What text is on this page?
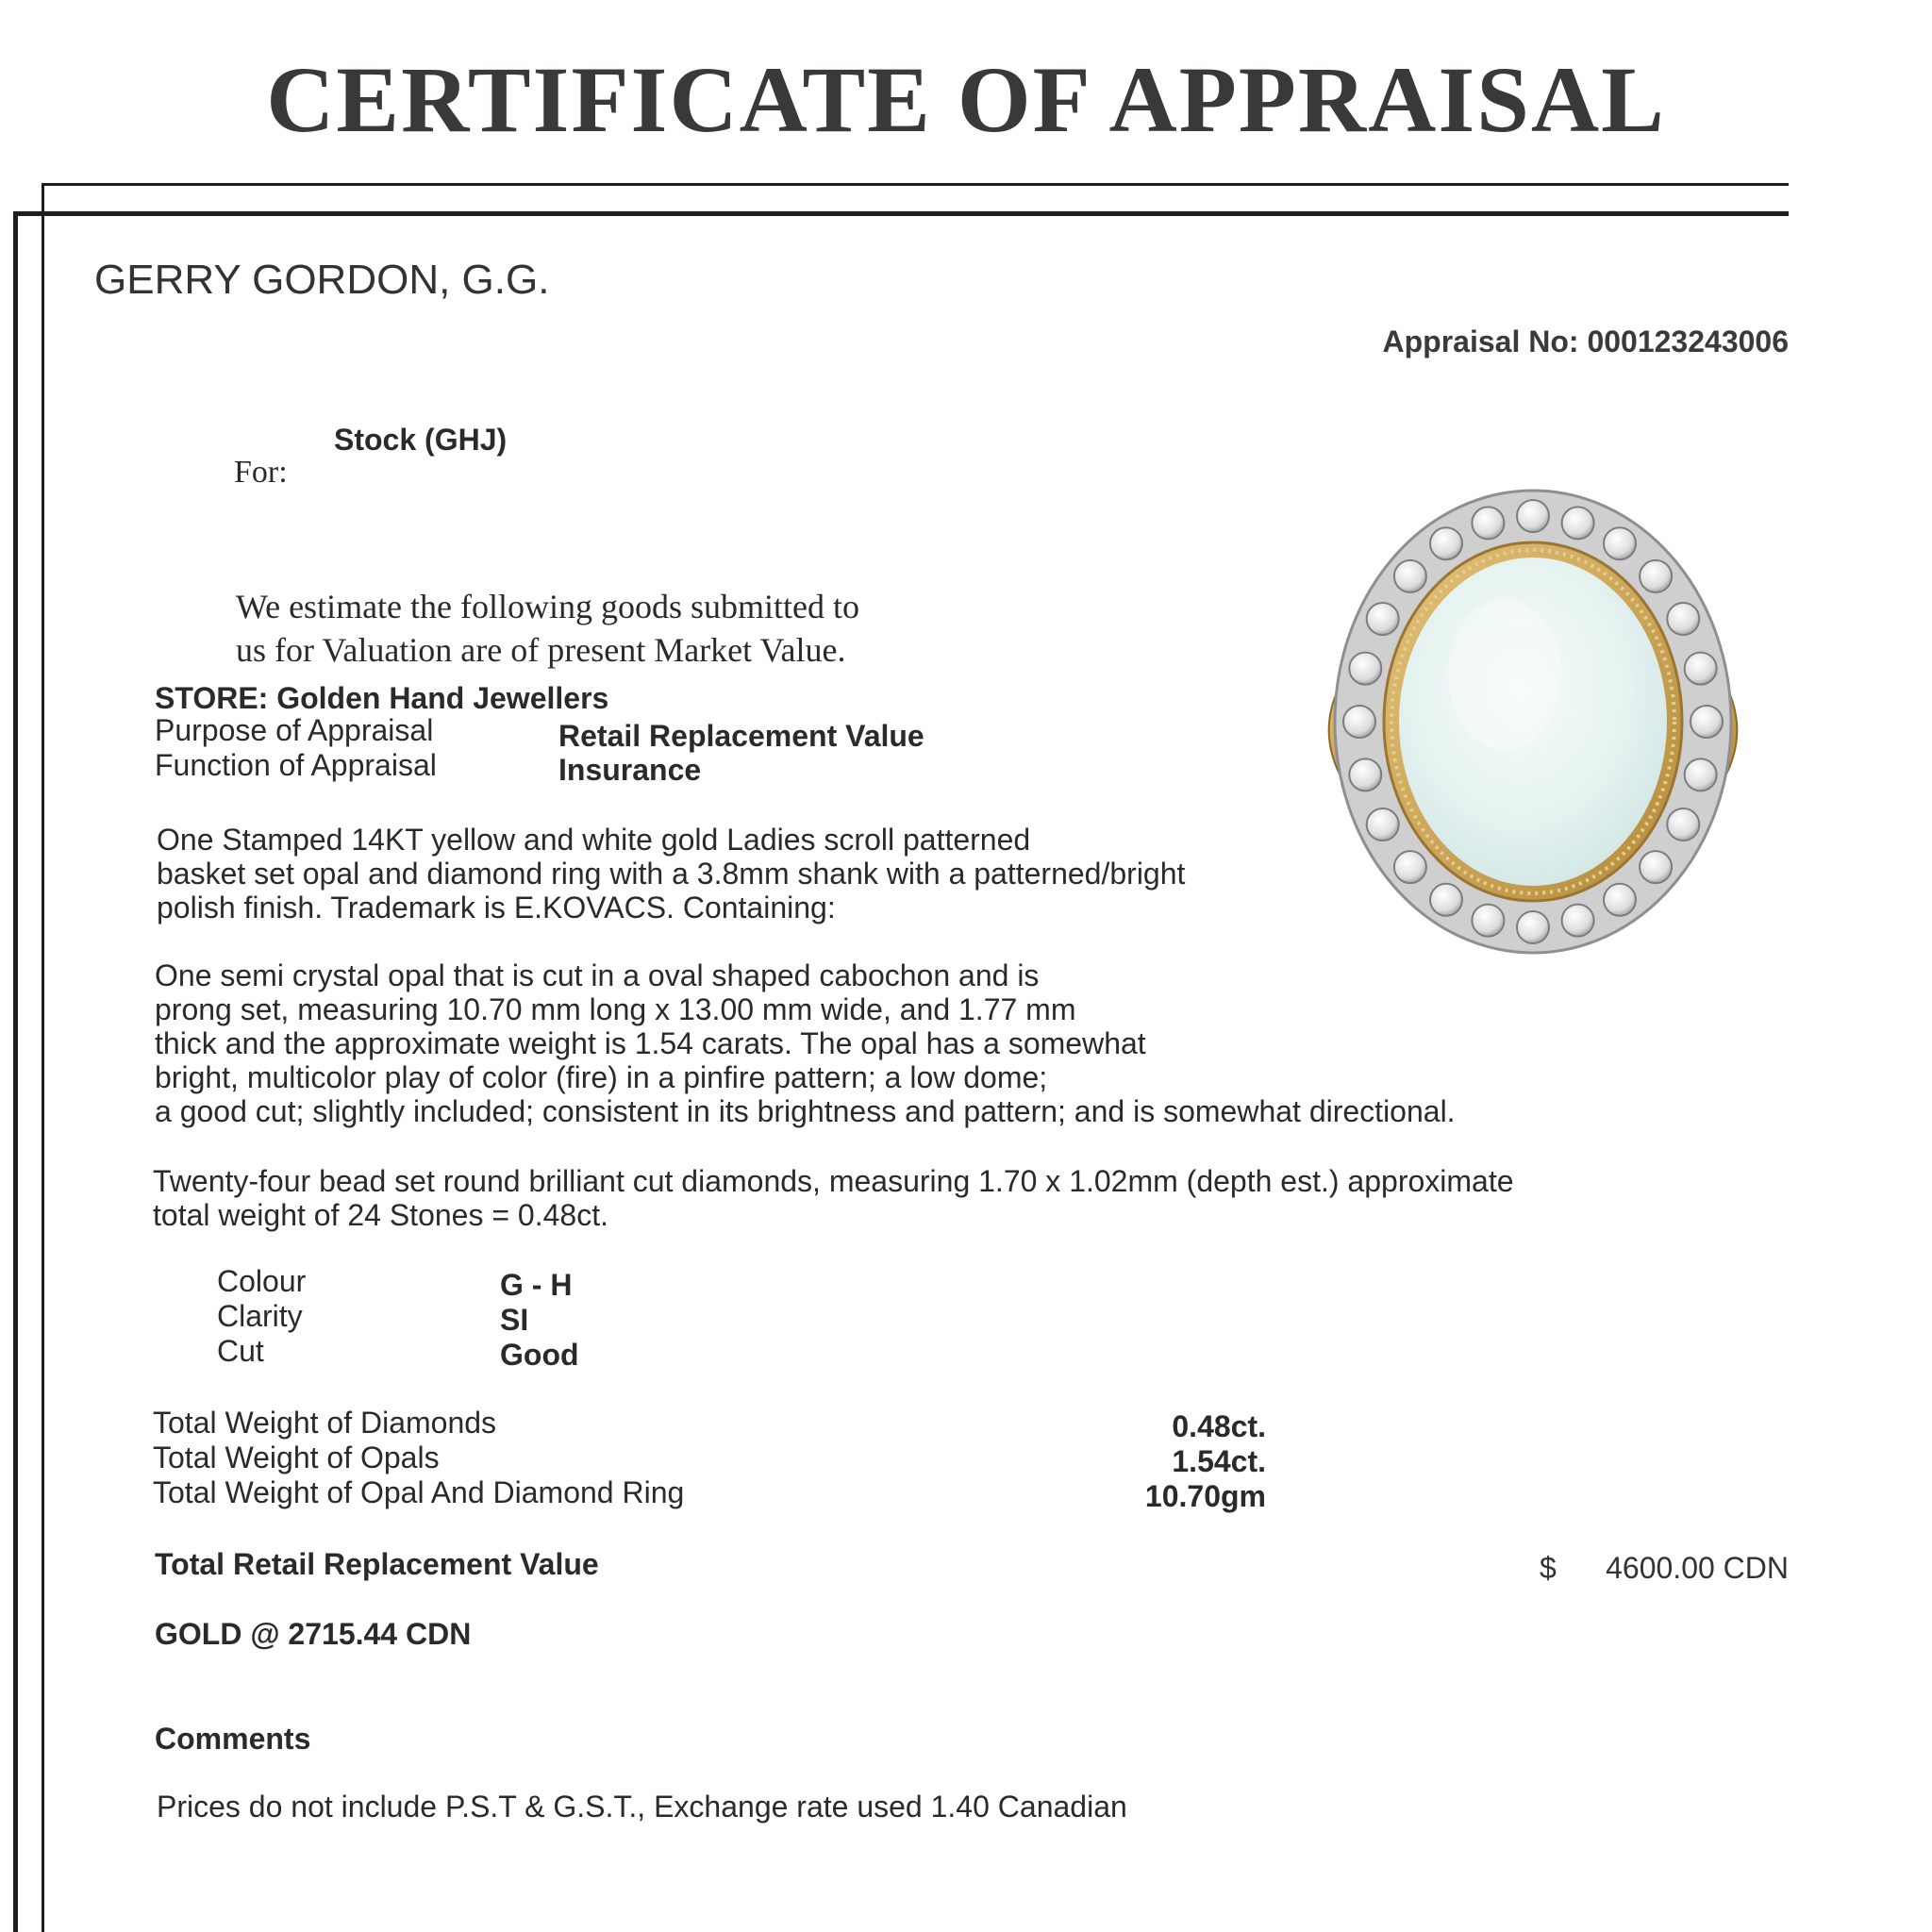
CERTIFICATE OF APPRAISAL
GERRY GORDON, G.G.
Appraisal No: 000123243006
Stock (GHJ)
For:
We estimate the following goods submitted to
us for Valuation are of present Market Value.
STORE: Golden Hand Jewellers
Purpose of Appraisal	Retail Replacement Value
Function of Appraisal	Insurance
One Stamped 14KT yellow and white gold Ladies scroll patterned
basket set opal and diamond ring with a 3.8mm shank with a patterned/bright
polish finish. Trademark is E.KOVACS. Containing:
One semi crystal opal that is cut in a oval shaped cabochon and is
prong set, measuring 10.70 mm long x 13.00 mm wide, and 1.77 mm
thick and the approximate weight is 1.54 carats. The opal has a somewhat
bright, multicolor play of color (fire) in a pinfire pattern; a low dome;
a good cut; slightly included; consistent in its brightness and pattern; and is somewhat directional.
Twenty-four bead set round brilliant cut diamonds, measuring 1.70 x 1.02mm (depth est.) approximate
total weight of 24 Stones = 0.48ct.
Colour	G - H
Clarity	SI
Cut	Good
Total Weight of Diamonds	0.48ct.
Total Weight of Opals	1.54ct.
Total Weight of Opal And Diamond Ring	10.70gm
Total Retail Replacement Value	$ 4600.00 CDN
GOLD @ 2715.44 CDN
Comments
Prices do not include P.S.T & G.S.T., Exchange rate used 1.40 Canadian
